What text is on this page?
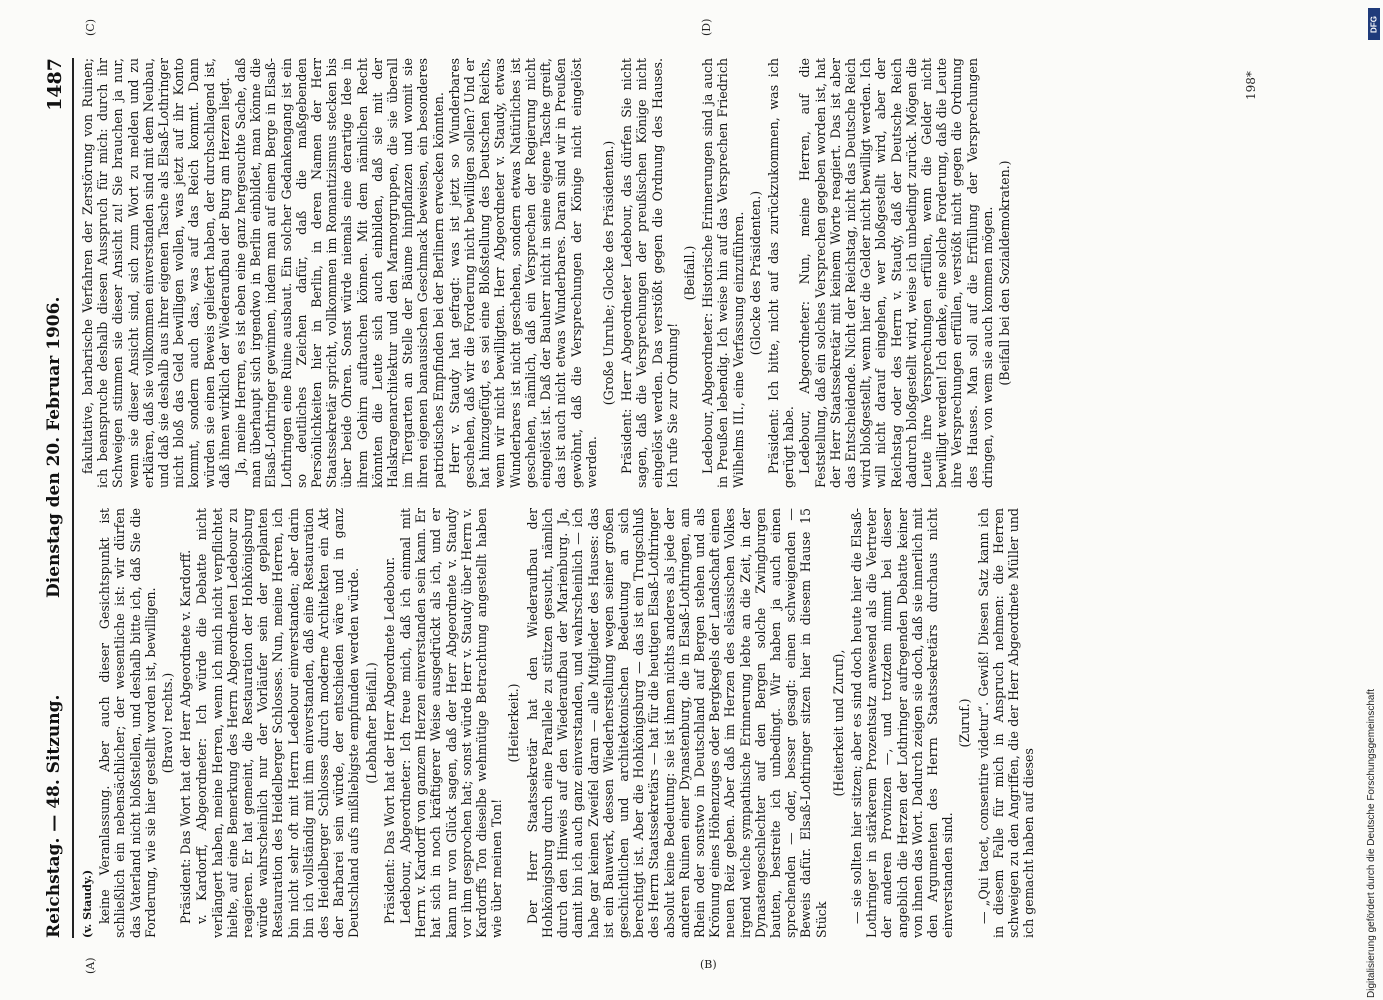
Reichstag. — 48. Sitzung.
Dienstag den 20. Februar 1906.
1487
(A)
(C)	(D)
(v. Staudy.) keine Veranlassung. Aber auch dieser Gesichtspunkt ist schließlich ein nebensächlicher; der wesentliche ist: wir dürfen das Vaterland nicht bloßstellen, und deshalb bitte ich, daß Sie die Forderung, wie sie hier gestellt worden ist, bewilligen. (Bravo! rechts.) Präsident: Das Wort hat der Herr Abgeordnete v. Kardorff. v. Kardorff, Abgeordneter: Ich würde die Debatte nicht verlängert haben, meine Herren, wenn ich mich nicht verpflichtet hielte, auf eine Bemerkung des Herrn Abgeordneten Ledebour zu reagieren. Er hat gemeint, die Restauration der Hohkönigsburg würde wahrscheinlich nur der Vorläufer sein der geplanten Restauration des Heidelberger Schlosses. Nun, meine Herren, ich bin nicht sehr oft mit Herrn Ledebour einverstanden; aber darin bin ich vollständig mit ihm einverstanden, daß eine Restauration des Heidelberger Schlosses durch moderne Architekten ein Akt der Barbarei sein würde, der entschieden wäre und in ganz Deutschland aufs mißliebigste empfunden werden würde. (Lebhafter Beifall.) Präsident: Das Wort hat der Herr Abgeordnete Ledebour. Ledebour, Abgeordneter: Ich freue mich, daß ich einmal mit Herrn v. Kardorff von ganzem Herzen einverstanden sein kann. Er hat sich in noch kräftigerer Weise ausgedrückt als ich, und er kann nur von Glück sagen, daß der Herr Abgeordnete v. Staudy vor ihm gesprochen hat; sonst würde Herr v. Staudy über Herrn v. Kardorffs Ton dieselbe wehmütige Betrachtung angestellt haben wie über meinen Ton!

(Heiterkeit.) Der Herr Staatssekretär hat den Wiederaufbau der Hohkönigsburg durch eine Parallele zu stützen gesucht, nämlich durch den Hinweis auf den Wiederaufbau der Marienburg. Ja, damit bin ich auch ganz einverstanden, und wahrscheinlich — ich habe gar keinen Zweifel daran — alle Mitglieder des Hauses: das ist ein Bauwerk, dessen Wiederherstellung wegen seiner großen geschichtlichen und architektonischen Bedeutung an sich berechtigt ist. Aber die Hohkönigsburg — das ist ein Trugschluß des Herrn Staatssekretärs — hat für die heutigen Elsaß-Lothringer absolut keine Bedeutung: sie ist ihnen nichts anderes als jede der anderen Ruinen einer Dynastenburg, die in Elsaß-Lothringen, am Rhein oder sonstwo in Deutschland auf Bergen stehen und als Krönung eines Höhenzuges oder Bergkegels der Landschaft einen neuen Reiz geben. Aber daß im Herzen des elsässischen Volkes irgend welche sympathische Erinnerung lebte an die Zeit, in der Dynastengeschlechter auf den Bergen solche Zwingburgen bauten, bestreite ich unbedingt. Wir haben ja auch einen sprechenden — oder, besser gesagt: einen schweigenden — Beweis dafür. Elsaß-Lothringer sitzen hier in diesem Hause 15 Stück

(Heiterkeit und Zuruf), — sie sollten hier sitzen; aber es sind doch heute hier die Elsaß-Lothringer in stärkerem Prozentsatz anwesend als die Vertreter der anderen Provinzen —, und trotzdem nimmt bei dieser angeblich die Herzen der Lothringer aufregenden Debatte keiner von ihnen das Wort. Dadurch zeigen sie doch, daß sie innerlich mit den Argumenten des Herrn Staatssekretärs durchaus nicht einverstanden sind.

(Zuruf.) — „Qui tacet, consentire videtur“. Gewiß! Diesen Satz kann ich in diesem Falle für mich in Anspruch nehmen: die Herren schweigen zu den Angriffen, die der Herr Abgeordnete Müller und ich gemacht haben auf dieses

fakultative, barbarische Verfahren der Zerstörung von Ruinen; ich beanspruche deshalb diesen Ausspruch für mich: durch ihr Schweigen stimmen sie dieser Ansicht zu! Sie brauchen ja nur, wenn sie dieser Ansicht sind, sich zum Wort zu melden und zu erklären, daß sie vollkommen einverstanden sind mit dem Neubau, und daß sie deshalb aus ihrer eigenen Tasche als Elsaß-Lothringer nicht bloß das Geld bewilligen wollen, was jetzt auf ihr Konto kommt, sondern auch das, was auf das Reich kommt. Dann würden sie einen Beweis geliefert haben, der durchschlagend ist, daß ihnen wirklich der Wiederaufbau der Burg am Herzen liegt. Ja, meine Herren, es ist eben eine ganz hergesuchte Sache, daß man überhaupt sich irgendwo in Berlin einbildet, man könne die Elsaß-Lothringer gewinnen, indem man auf einem Berge in Elsaß-Lothringen eine Ruine ausbaut. Ein solcher Gedankengang ist ein so deutliches Zeichen dafür, daß die maßgebenden Persönlichkeiten hier in Berlin, in deren Namen der Herr Staatssekretär spricht, vollkommen im Romantizismus stecken bis über beide Ohren. Sonst würde niemals eine derartige Idee in ihrem Gehirn auftauchen können. Mit dem nämlichen Recht könnten die Leute sich auch einbilden, daß sie mit der Halskragenarchitektur und den Marmorgruppen, die sie überall im Tiergarten an Stelle der Bäume hinpflanzen und womit sie ihren eigenen banausischen Geschmack beweisen, ein besonderes patriotisches Empfinden bei der Berlinern erwecken könnten. Herr v. Staudy hat gefragt: was ist jetzt so Wunderbares geschehen, daß wir die Forderung nicht bewilligen sollen? Und er hat hinzugefügt, es sei eine Bloßstellung des Deutschen Reichs, wenn wir nicht bewilligten. Herr Abgeordneter v. Staudy, etwas Wunderbares ist nicht geschehen, sondern etwas Natürliches ist geschehen, nämlich, daß ein Versprechen der Regierung nicht eingelöst ist. Daß der Bauherr nicht in seine eigene Tasche greift, das ist auch nicht etwas Wunderbares. Daran sind wir in Preußen gewöhnt, daß die Versprechungen der Könige nicht eingelöst werden.

(Große Unruhe; Glocke des Präsidenten.) Präsident: Herr Abgeordneter Ledebour, das dürfen Sie nicht sagen, daß die Versprechungen der preußischen Könige nicht eingelöst werden. Das verstößt gegen die Ordnung des Hauses. Ich rufe Sie zur Ordnung!

(Beifall.) Ledebour, Abgeordneter: Historische Erinnerungen sind ja auch in Preußen lebendig. Ich weise hin auf das Versprechen Friedrich Wilhelms III., eine Verfassung einzuführen. (Glocke des Präsidenten.) Präsident: Ich bitte, nicht auf das zurückzukommen, was ich gerügt habe. Ledebour, Abgeordneter: Nun, meine Herren, auf die Feststellung, daß ein solches Versprechen gegeben worden ist, hat der Herr Staatssekretär mit keinem Worte reagiert. Das ist aber das Entscheidende. Nicht der Reichstag, nicht das Deutsche Reich wird bloßgestellt, wenn hier die Gelder nicht bewilligt werden. Ich will nicht darauf eingehen, wer bloßgestellt wird, aber der Reichstag oder des Herrn v. Staudy, daß der Deutsche Reich dadurch bloßgestellt wird, weise ich unbedingt zurück. Mögen die Leute ihre Versprechungen erfüllen, wenn die Gelder nicht bewilligt werden! Ich denke, eine solche Forderung, daß die Leute ihre Versprechungen erfüllen, verstößt nicht gegen die Ordnung des Hauses. Man soll auf die Erfüllung der Versprechungen dringen, von wem sie auch kommen mögen. (Beifall bei den Sozialdemokraten.)

198*
(B)	Digitalisierung gefördert durch die Deutsche Forschungsgemeinschaft
DFG
